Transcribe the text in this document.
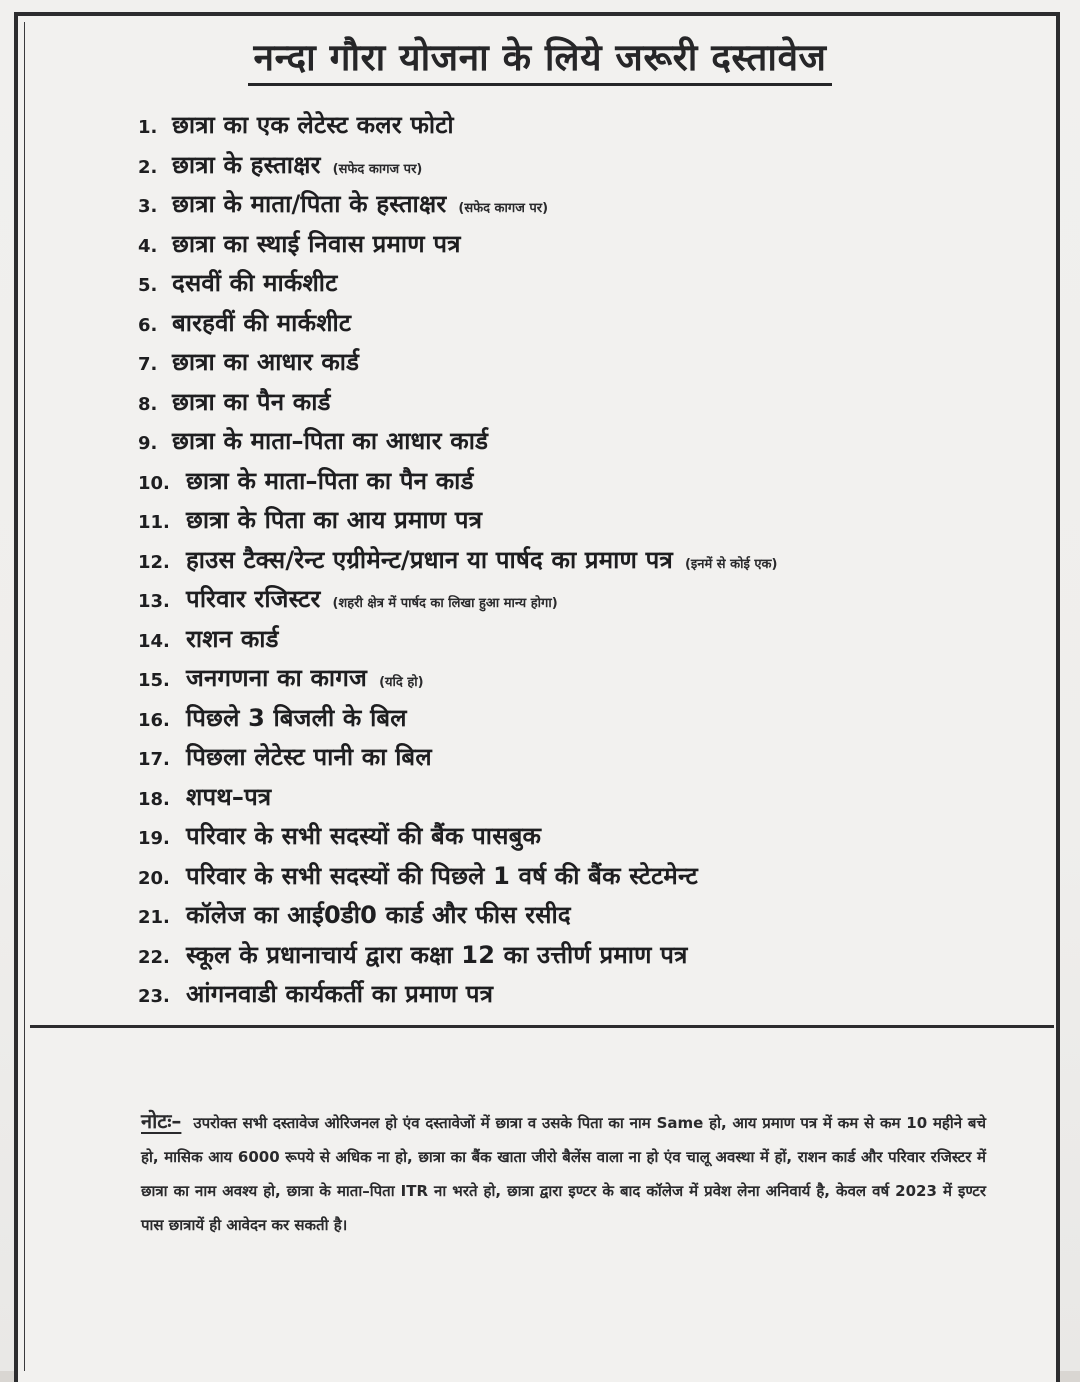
नन्दा गौरा योजना के लिये जरूरी दस्तावेज
1. छात्रा का एक लेटेस्ट कलर फोटो
2. छात्रा के हस्ताक्षर (सफेद कागज पर)
3. छात्रा के माता/पिता के हस्ताक्षर (सफेद कागज पर)
4. छात्रा का स्थाई निवास प्रमाण पत्र
5. दसवीं की मार्कशीट
6. बारहवीं की मार्कशीट
7. छात्रा का आधार कार्ड
8. छात्रा का पैन कार्ड
9. छात्रा के माता–पिता का आधार कार्ड
10. छात्रा के माता–पिता का पैन कार्ड
11. छात्रा के पिता का आय प्रमाण पत्र
12. हाउस टैक्स/रेन्ट एग्रीमेन्ट/प्रधान या पार्षद का प्रमाण पत्र (इनमें से कोई एक)
13. परिवार रजिस्टर (शहरी क्षेत्र में पार्षद का लिखा हुआ मान्य होगा)
14. राशन कार्ड
15. जनगणना का कागज (यदि हो)
16. पिछले 3 बिजली के बिल
17. पिछला लेटेस्ट पानी का बिल
18. शपथ–पत्र
19. परिवार के सभी सदस्यों की बैंक पासबुक
20. परिवार के सभी सदस्यों की पिछले 1 वर्ष की बैंक स्टेटमेन्ट
21. कॉलेज का आई0डी0 कार्ड और फीस रसीद
22. स्कूल के प्रधानाचार्य द्वारा कक्षा 12 का उत्तीर्ण प्रमाण पत्र
23. आंगनवाडी कार्यकर्ती का प्रमाण पत्र
नोटः– उपरोक्त सभी दस्तावेज ओरिजनल हो एंव दस्तावेजों में छात्रा व उसके पिता का नाम Same हो, आय प्रमाण पत्र में कम से कम 10 महीने बचे हो, मासिक आय 6000 रूपये से अधिक ना हो, छात्रा का बैंक खाता जीरो बैलेंस वाला ना हो एंव चालू अवस्था में हों, राशन कार्ड और परिवार रजिस्टर में छात्रा का नाम अवश्य हो, छात्रा के माता–पिता ITR ना भरते हो, छात्रा द्वारा इण्टर के बाद कॉलेज में प्रवेश लेना अनिवार्य है, केवल वर्ष 2023 में इण्टर पास छात्रायें ही आवेदन कर सकती है।
